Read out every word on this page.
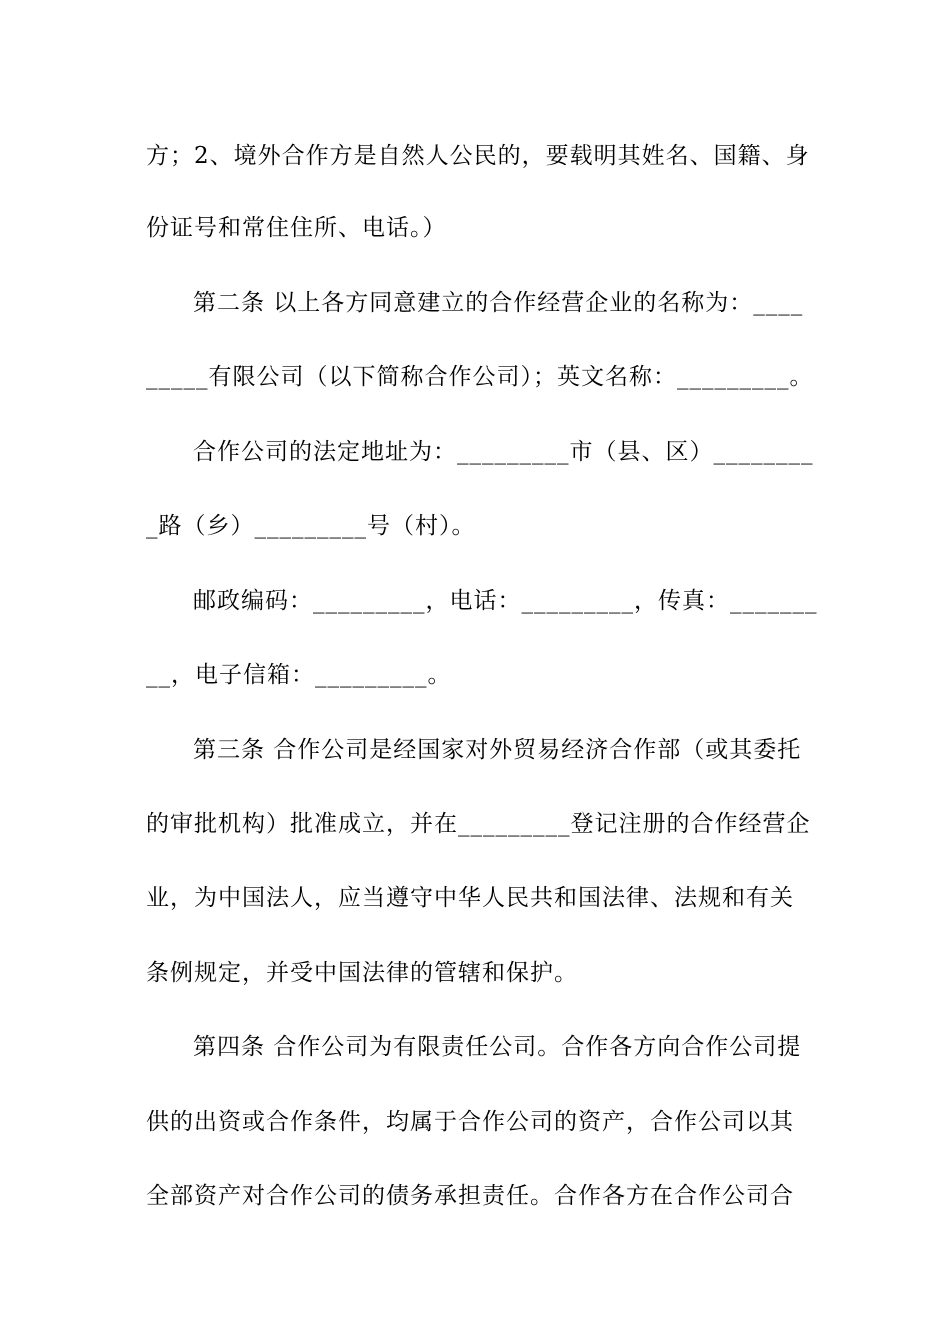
方；2、境外合作方是自然人公民的，要载明其姓名、国籍、身
份证号和常住住所、电话。）
第二条 以上各方同意建立的合作经营企业的名称为：____
_____有限公司（以下简称合作公司）；英文名称：_________。
合作公司的法定地址为：_________市（县、区）________
_路（乡）_________号（村）。
邮政编码：_________，电话：_________，传真：_______
__，电子信箱：_________。
第三条 合作公司是经国家对外贸易经济合作部（或其委托
的审批机构）批准成立，并在_________登记注册的合作经营企
业，为中国法人，应当遵守中华人民共和国法律、法规和有关
条例规定，并受中国法律的管辖和保护。
第四条 合作公司为有限责任公司。合作各方向合作公司提
供的出资或合作条件，均属于合作公司的资产，合作公司以其
全部资产对合作公司的债务承担责任。合作各方在合作公司合
